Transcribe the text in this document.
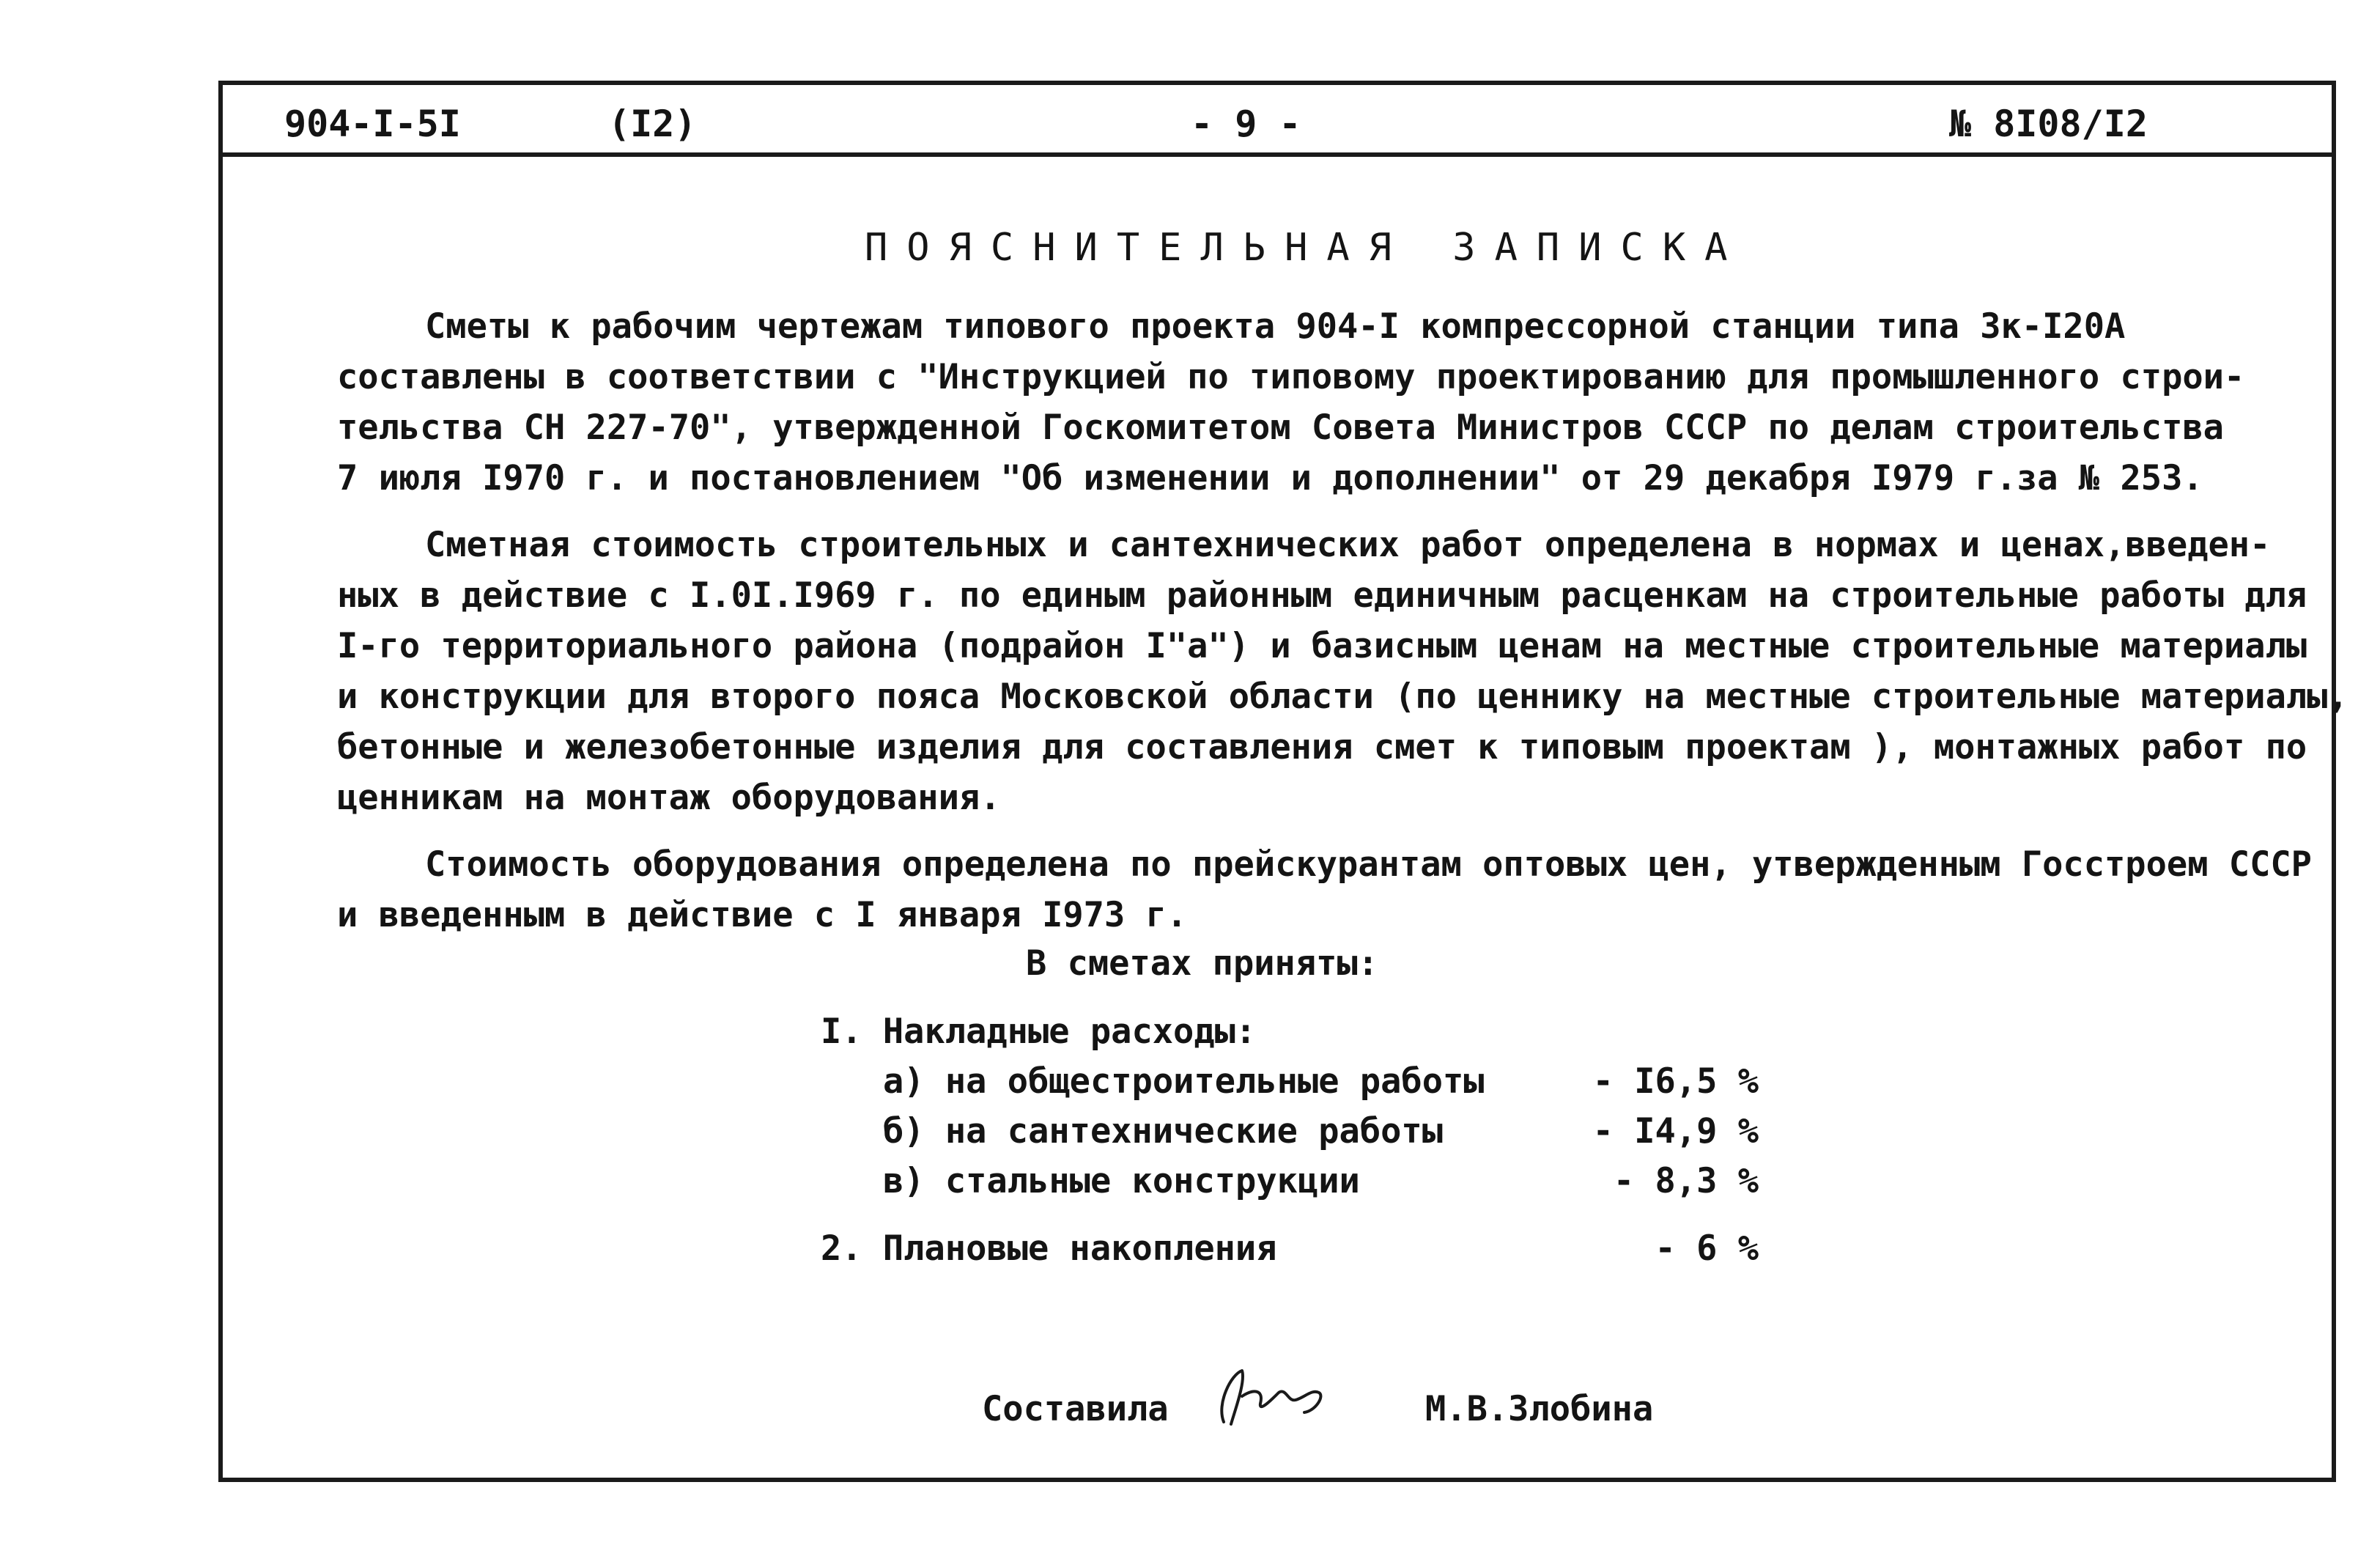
904-I-5I	(I2)	- 9 -	№ 8I08/I2
ПОЯСНИТЕЛЬНАЯ ЗАПИСКА
Сметы к рабочим чертежам типового проекта 904-I компрессорной станции типа 3к-I20А
составлены в соответствии с "Инструкцией по типовому проектированию для промышленного строи-
тельства СН 227-70", утвержденной Госкомитетом Совета Министров СССР по делам строительства
7 июля I970 г. и постановлением "Об изменении и дополнении" от 29 декабря I979 г.за № 253.
Сметная стоимость строительных и сантехнических работ определена в нормах и ценах,введен-
ных в действие с I.0I.I969 г. по единым районным единичным расценкам на строительные работы для
I-го территориального района (подрайон I"а") и базисным ценам на местные строительные материалы
и конструкции для второго пояса Московской области (по ценнику на местные строительные материалы,
бетонные и железобетонные изделия для составления смет к типовым проектам ), монтажных работ по
ценникам на монтаж оборудования.
Стоимость оборудования определена по прейскурантам оптовых цен, утвержденным Госстроем СССР
и введенным в действие с I января I973 г.
В сметах приняты:
I. Накладные расходы:
а) на общестроительные работы	- I6,5 %
б) на сантехнические работы	- I4,9 %
в) стальные конструкции	- 8,3 %
2. Плановые накопления	- 6 %
Составила	М.В.Злобина
